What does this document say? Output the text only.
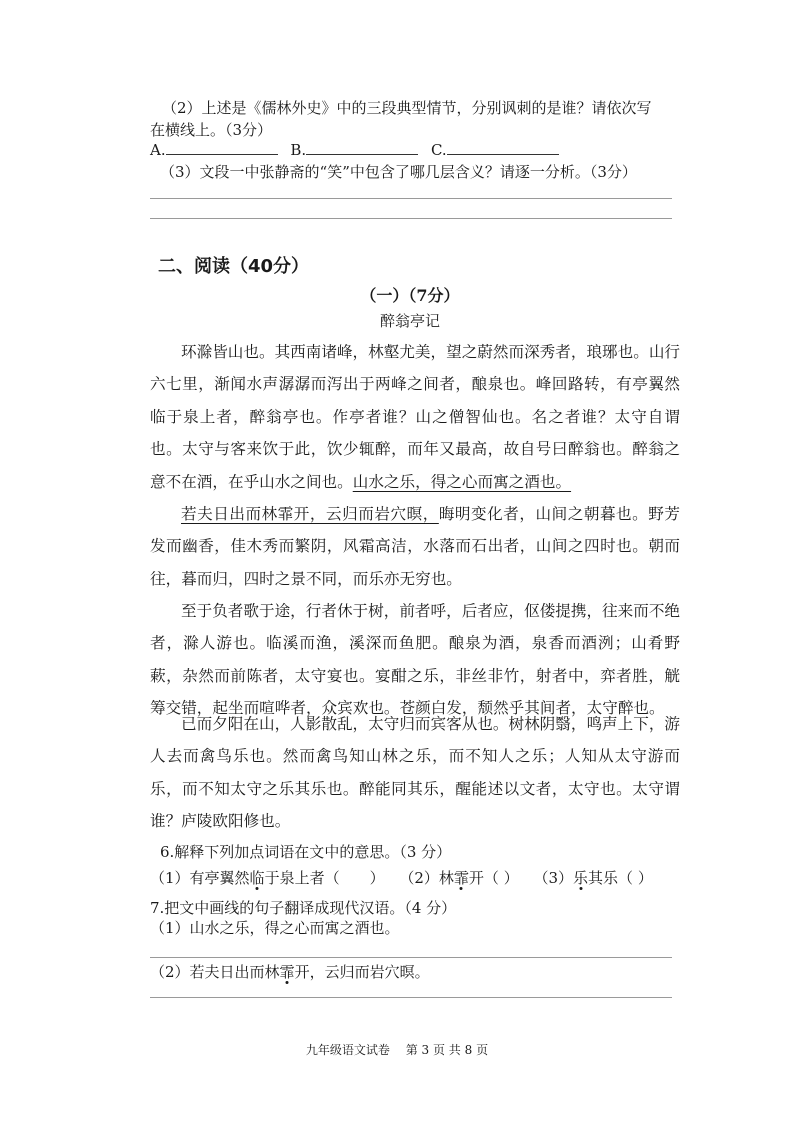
（2）上述是《儒林外史》中的三段典型情节，分别讽刺的是谁？请依次写
在横线上。（3分）
A.	B.	C.
（3）文段一中张静斋的“笑”中包含了哪几层含义？请逐一分析。（3分）
二、阅读（40分）
（一）（7分）
醉翁亭记
环滁皆山也。其西南诸峰，林壑尤美，望之蔚然而深秀者，琅琊也。山行六七里，渐闻水声潺潺而泻出于两峰之间者，酿泉也。峰回路转，有亭翼然临于泉上者，醉翁亭也。作亭者谁？山之僧智仙也。名之者谁？太守自谓也。太守与客来饮于此，饮少辄醉，而年又最高，故自号曰醉翁也。醉翁之意不在酒，在乎山水之间也。山水之乐，得之心而寓之酒也。
若夫日出而林霏开，云归而岩穴暝，晦明变化者，山间之朝暮也。野芳发而幽香，佳木秀而繁阴，风霜高洁，水落而石出者，山间之四时也。朝而往，暮而归，四时之景不同，而乐亦无穷也。
至于负者歌于途，行者休于树，前者呼，后者应，伛偻提携，往来而不绝者，滁人游也。临溪而渔，溪深而鱼肥。酿泉为酒，泉香而酒洌；山肴野蔌，杂然而前陈者，太守宴也。宴酣之乐，非丝非竹，射者中，弈者胜，觥筹交错，起坐而喧哗者，众宾欢也。苍颜白发，颓然乎其间者，太守醉也。
已而夕阳在山，人影散乱，太守归而宾客从也。树林阴翳，鸣声上下，游人去而禽鸟乐也。然而禽鸟知山林之乐，而不知人之乐；人知从太守游而乐，而不知太守之乐其乐也。醉能同其乐，醒能述以文者，太守也。太守谓谁？庐陵欧阳修也。
6.解释下列加点词语在文中的意思。（3 分）
（1）有亭翼然临于泉上者（　　） （2）林霏开（ ） （3）乐其乐（ ）
7.把文中画线的句子翻译成现代汉语。（4 分）
（1）山水之乐，得之心而寓之酒也。
（2）若夫日出而林霏开，云归而岩穴暝。
九年级语文试卷　 第 3 页 共 8 页
